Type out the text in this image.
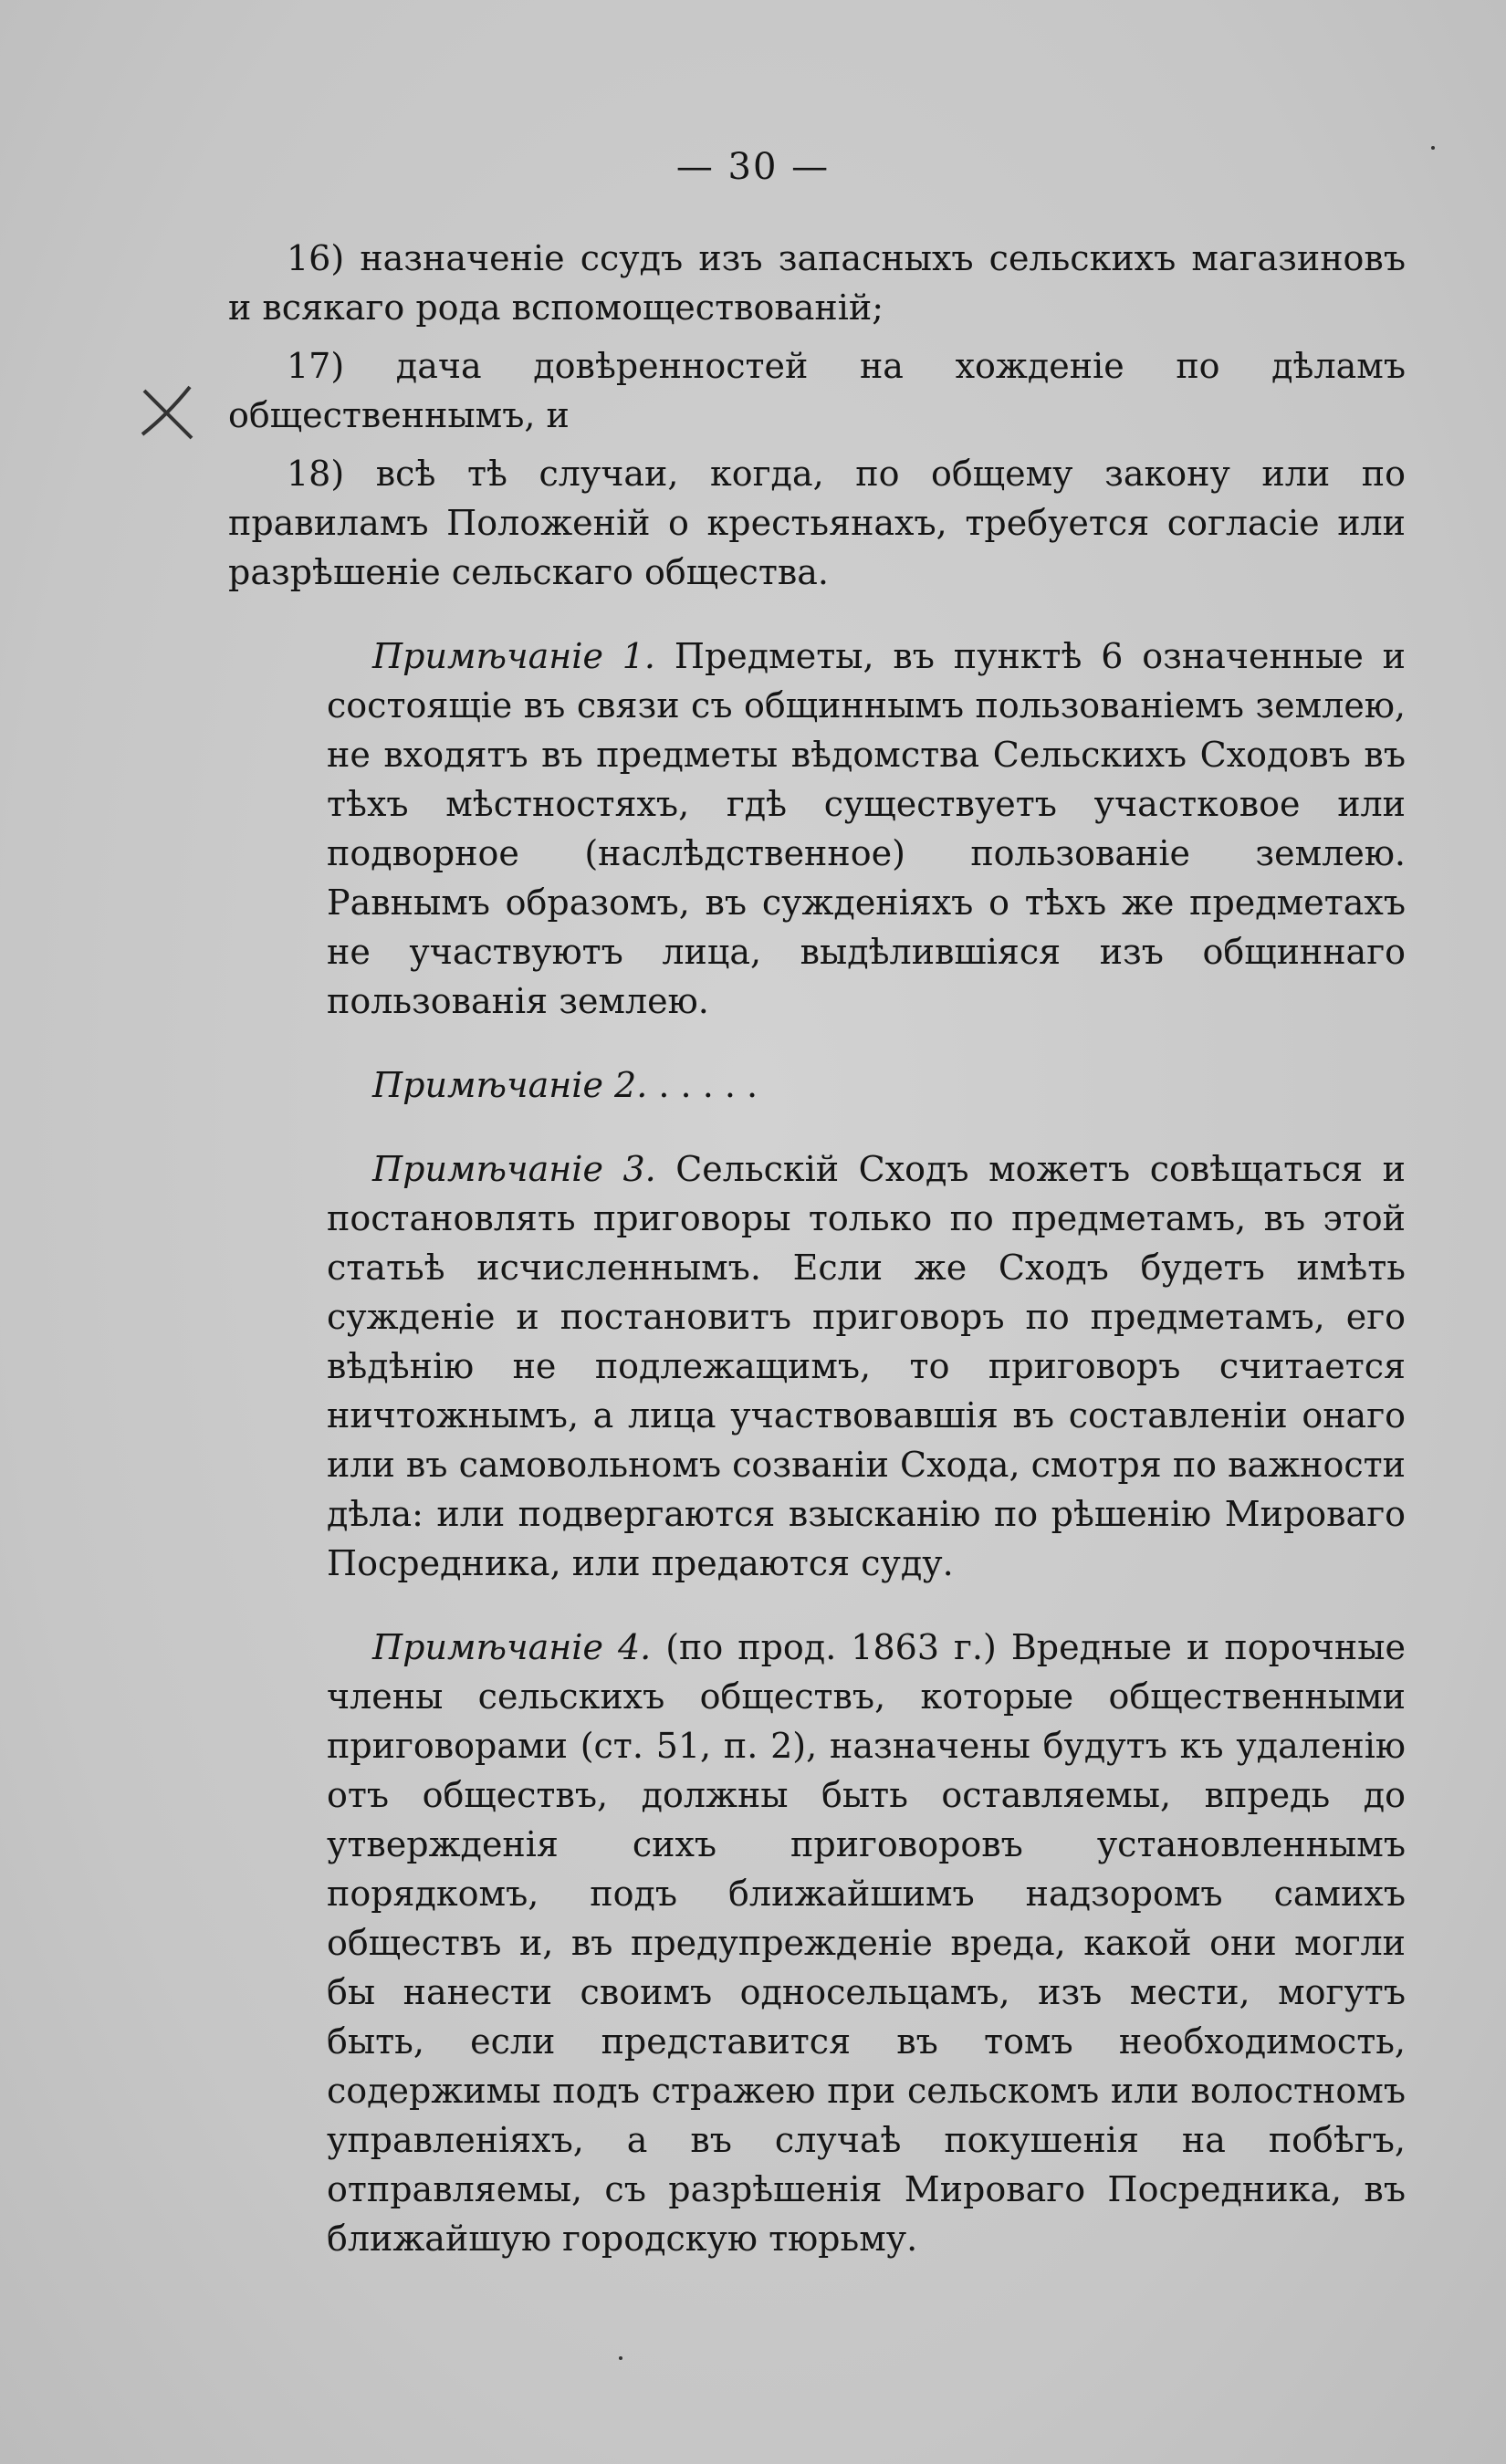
— 30 —

16) назначеніе ссудъ изъ запасныхъ сельскихъ магазиновъ и всякаго рода вспомоществованій;

17) дача довѣренностей на хожденіе по дѣламъ общественнымъ, и

18) всѣ тѣ случаи, когда, по общему закону или по правиламъ Положеній о крестьянахъ, требуется согласіе или разрѣшеніе сельскаго общества.

Примѣчаніе 1. Предметы, въ пунктѣ 6 означенные и состоящіе въ связи съ общиннымъ пользованіемъ землею, не входятъ въ предметы вѣдомства Сельскихъ Сходовъ въ тѣхъ мѣстностяхъ, гдѣ существуетъ участковое или подворное (наслѣдственное) пользованіе землею. Равнымъ образомъ, въ сужденіяхъ о тѣхъ же предметахъ не участвуютъ лица, выдѣлившіяся изъ общиннаго пользованія землею.

Примѣчаніе 2. . . . . .

Примѣчаніе 3. Сельскій Сходъ можетъ совѣщаться и постановлять приговоры только по предметамъ, въ этой статьѣ исчисленнымъ. Если же Сходъ будетъ имѣть сужденіе и постановитъ приговоръ по предметамъ, его вѣдѣнію не подлежащимъ, то приговоръ считается ничтожнымъ, а лица участвовавшія въ составленіи онаго или въ самовольномъ созваніи Схода, смотря по важности дѣла: или подвергаются взысканію по рѣшенію Мироваго Посредника, или предаются суду.

Примѣчаніе 4. (по прод. 1863 г.) Вредные и порочные члены сельскихъ обществъ, которые общественными приговорами (ст. 51, п. 2), назначены будутъ къ удаленію отъ обществъ, должны быть оставляемы, впредь до утвержденія сихъ приговоровъ установленнымъ порядкомъ, подъ ближайшимъ надзоромъ самихъ обществъ и, въ предупрежденіе вреда, какой они могли бы нанести своимъ односельцамъ, изъ мести, могутъ быть, если представится въ томъ необходимость, содержимы подъ стражею при сельскомъ или волостномъ управленіяхъ, а въ случаѣ покушенія на побѣгъ, отправляемы, съ разрѣшенія Мироваго Посредника, въ ближайшую городскую тюрьму.
